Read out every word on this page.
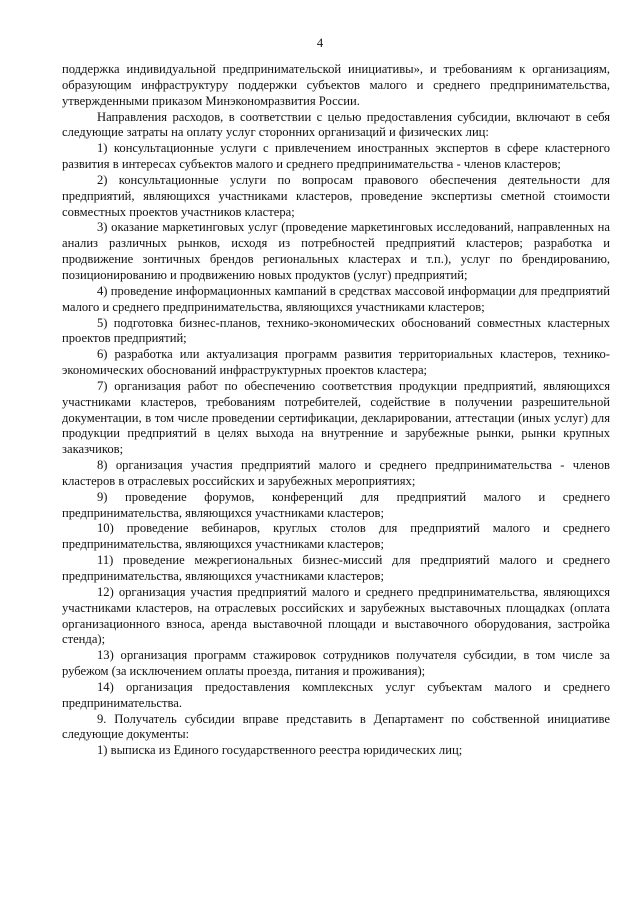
4

поддержка индивидуальной предпринимательской инициативы», и требованиям к организациям, образующим инфраструктуру поддержки субъектов малого и среднего предпринимательства, утвержденными приказом Минэкономразвития России.

Направления расходов, в соответствии с целью предоставления субсидии, включают в себя следующие затраты на оплату услуг сторонних организаций и физических лиц:

1) консультационные услуги с привлечением иностранных экспертов в сфере кластерного развития в интересах субъектов малого и среднего предпринимательства - членов кластеров;

2) консультационные услуги по вопросам правового обеспечения деятельности для предприятий, являющихся участниками кластеров, проведение экспертизы сметной стоимости совместных проектов участников кластера;

3) оказание маркетинговых услуг (проведение маркетинговых исследований, направленных на анализ различных рынков, исходя из потребностей предприятий кластеров; разработка и продвижение зонтичных брендов региональных кластерах и т.п.), услуг по брендированию, позиционированию и продвижению новых продуктов (услуг) предприятий;

4) проведение информационных кампаний в средствах массовой информации для предприятий малого и среднего предпринимательства, являющихся участниками кластеров;

5) подготовка бизнес-планов, технико-экономических обоснований совместных кластерных проектов предприятий;

6) разработка или актуализация программ развития территориальных кластеров, технико-экономических обоснований инфраструктурных проектов кластера;

7) организация работ по обеспечению соответствия продукции предприятий, являющихся участниками кластеров, требованиям потребителей, содействие в получении разрешительной документации, в том числе проведении сертификации, декларировании, аттестации (иных услуг) для продукции предприятий в целях выхода на внутренние и зарубежные рынки, рынки крупных заказчиков;

8) организация участия предприятий малого и среднего предпринимательства - членов кластеров в отраслевых российских и зарубежных мероприятиях;

9) проведение форумов, конференций для предприятий малого и среднего предпринимательства, являющихся участниками кластеров;

10) проведение вебинаров, круглых столов для предприятий малого и среднего предпринимательства, являющихся участниками кластеров;

11) проведение межрегиональных бизнес-миссий для предприятий малого и среднего предпринимательства, являющихся участниками кластеров;

12) организация участия предприятий малого и среднего предпринимательства, являющихся участниками кластеров, на отраслевых российских и зарубежных выставочных площадках (оплата организационного взноса, аренда выставочной площади и выставочного оборудования, застройка стенда);

13) организация программ стажировок сотрудников получателя субсидии, в том числе за рубежом (за исключением оплаты проезда, питания и проживания);

14) организация предоставления комплексных услуг субъектам малого и среднего предпринимательства.

9. Получатель субсидии вправе представить в Департамент по собственной инициативе следующие документы:

1) выписка из Единого государственного реестра юридических лиц;
